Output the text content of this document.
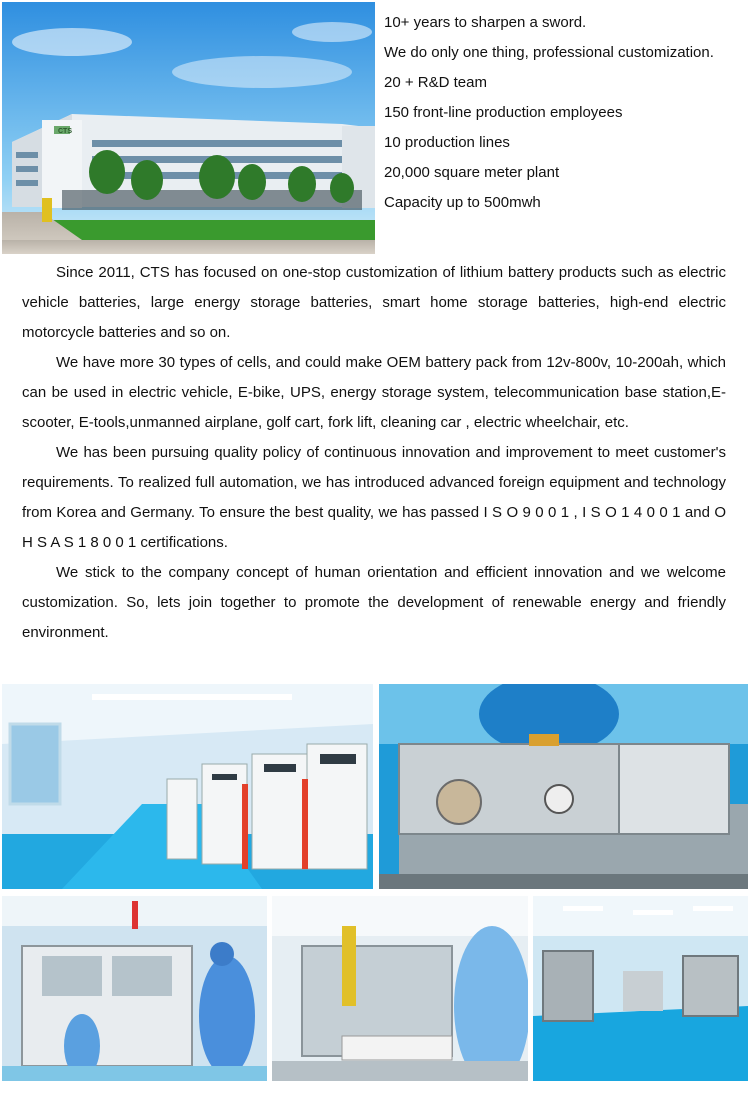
CTS
10+ years to sharpen a sword.
We do only one thing, professional customization.
20 + R&D team
150 front-line production employees
10 production lines
20,000 square meter plant
Capacity up to 500mwh

Since 2011, CTS has focused on one-stop customization of lithium battery products such as electric vehicle batteries, large energy storage batteries, smart home storage batteries, high-end electric motorcycle batteries and so on.

We have more 30 types of cells, and could make OEM battery pack from 12v-800v, 10-200ah, which can be used in electric vehicle, E-bike, UPS, energy storage system, telecommunication base station,E-scooter, E-tools,unmanned airplane, golf cart, fork lift, cleaning car , electric wheelchair, etc.

We has been pursuing quality policy of continuous innovation and improvement to meet customer's requirements. To realized full automation, we has introduced advanced foreign equipment and technology from Korea and Germany. To ensure the best quality, we has passed I S O 9 0 0 1 , I S O 1 4 0 0 1 and O H S A S 1 8 0 0 1 certifications.

We stick to the company concept of human orientation and efficient innovation and we welcome customization. So, lets join together to promote the development of renewable energy and friendly environment.
